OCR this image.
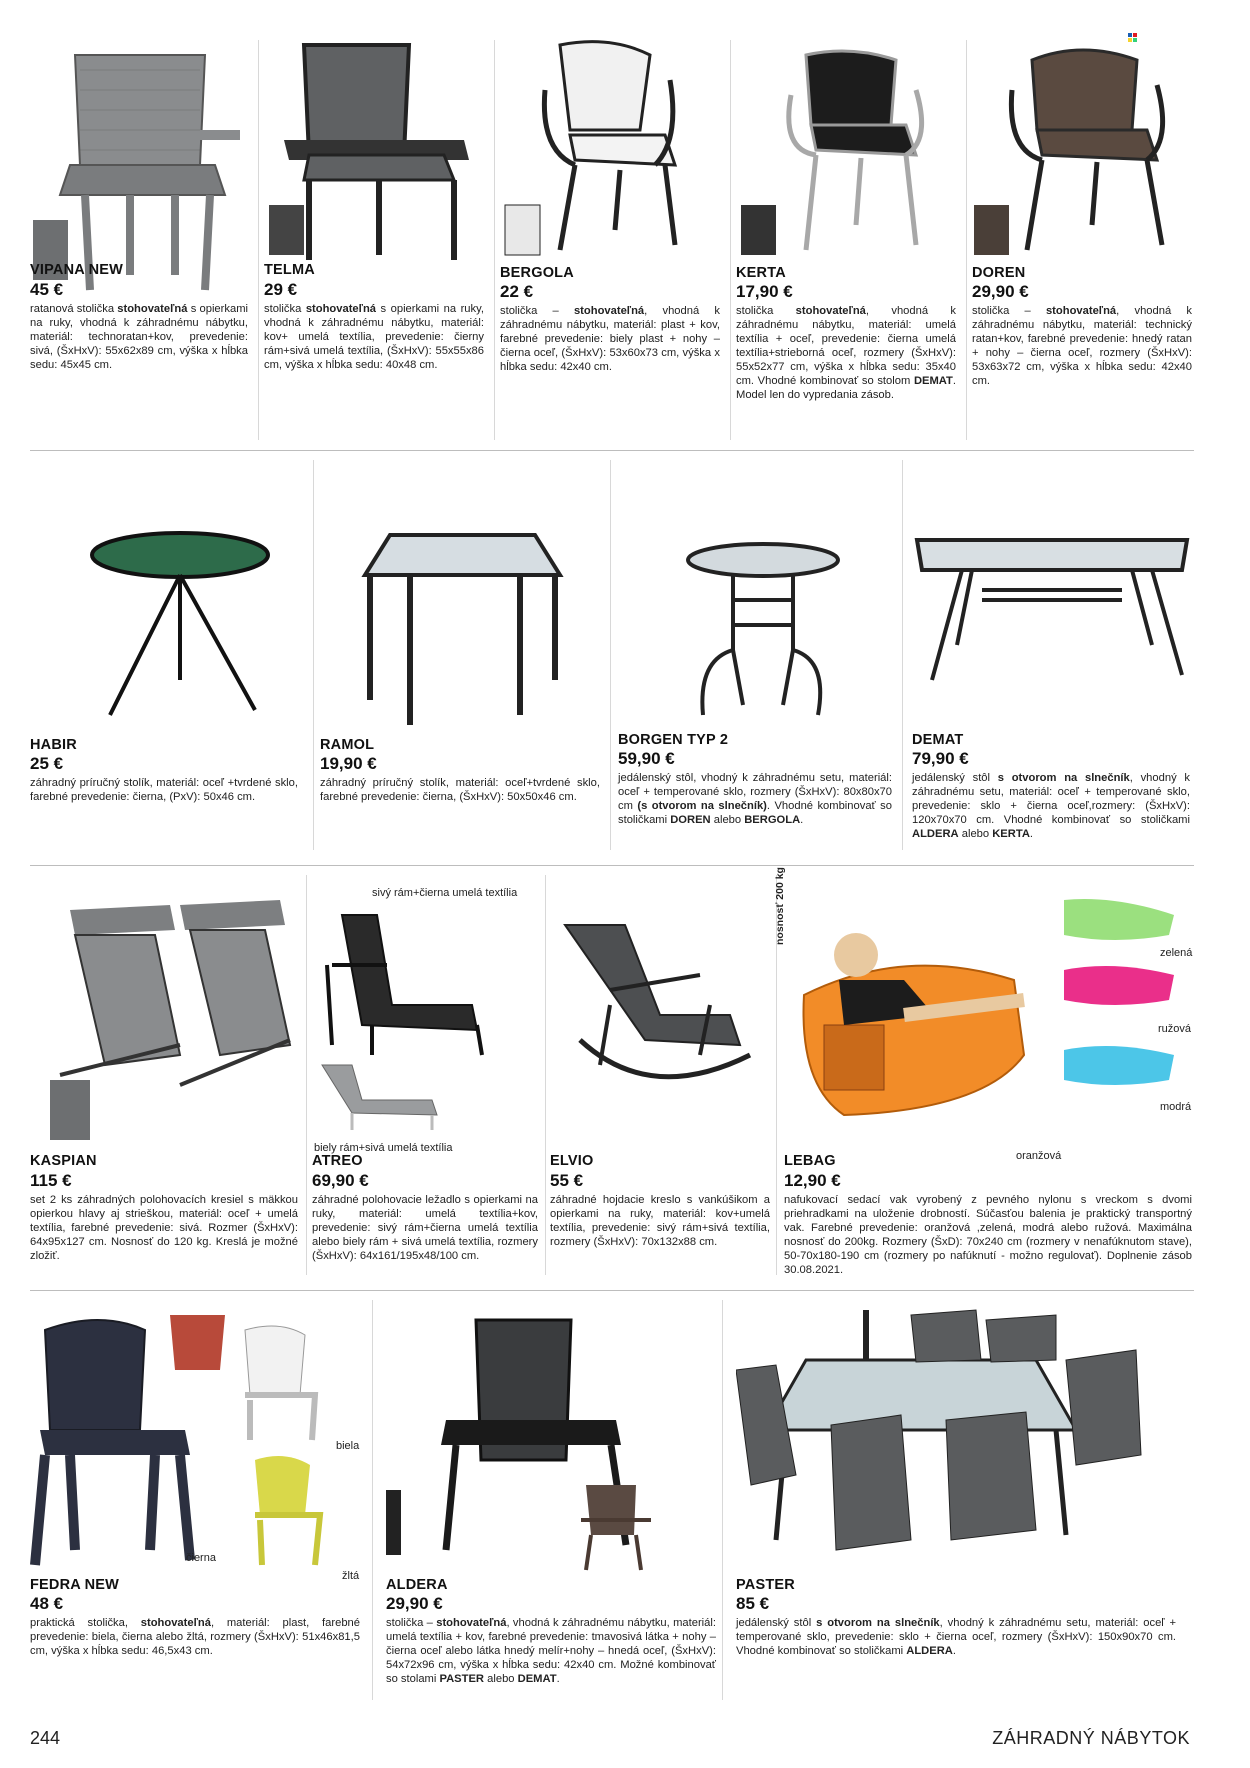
VIPANA NEW
45 €
ratanová stolička stohovateľná s opierkami na ruky, vhodná k záhradnému nábytku, materiál: technoratan+kov, prevedenie: sivá, (ŠxHxV): 55x62x89 cm, výška x hĺbka sedu: 45x45 cm.
TELMA
29 €
stolička stohovateľná s opierkami na ruky, vhodná k záhradnému nábytku, materiál: kov+ umelá textília, prevedenie: čierny rám+sivá umelá textília, (ŠxHxV): 55x55x86 cm, výška x hĺbka sedu: 40x48 cm.
BERGOLA
22 €
stolička – stohovateľná, vhodná k záhradnému nábytku, materiál: plast + kov, farebné prevedenie: biely plast + nohy – čierna oceľ, (ŠxHxV): 53x60x73 cm, výška x hĺbka sedu: 42x40 cm.
KERTA
17,90 €
stolička stohovateľná, vhodná k záhradnému nábytku, materiál: umelá textília + oceľ, prevedenie: čierna umelá textília+strieborná oceľ, rozmery (ŠxHxV): 55x52x77 cm, výška x hĺbka sedu: 35x40 cm. Vhodné kombinovať so stolom DEMAT. Model len do vypredania zásob.
DOREN
29,90 €
stolička – stohovateľná, vhodná k záhradnému nábytku, materiál: technický ratan+kov, farebné prevedenie: hnedý ratan + nohy – čierna oceľ, rozmery (ŠxHxV): 53x63x72 cm, výška x hĺbka sedu: 42x40 cm.
HABIR
25 €
záhradný príručný stolík, materiál: oceľ +tvrdené sklo, farebné prevedenie: čierna, (PxV): 50x46 cm.
RAMOL
19,90 €
záhradný príručný stolík, materiál: oceľ+tvrdené sklo, farebné prevedenie: čierna, (ŠxHxV): 50x50x46 cm.
BORGEN TYP 2
59,90 €
jedálenský stôl, vhodný k záhradnému setu, materiál: oceľ + temperované sklo, rozmery (ŠxHxV): 80x80x70 cm (s otvorom na slnečník). Vhodné kombinovať so stoličkami DOREN alebo BERGOLA.
DEMAT
79,90 €
jedálenský stôl s otvorom na slnečník, vhodný k záhradnému setu, materiál: oceľ + temperované sklo, prevedenie: sklo + čierna oceľ,rozmery: (ŠxHxV): 120x70x70 cm. Vhodné kombinovať so stoličkami ALDERA alebo KERTA.
KASPIAN
115 €
set 2 ks záhradných polohovacích kresiel s mäkkou opierkou hlavy aj strieškou, materiál: oceľ + umelá textília, farebné prevedenie: sivá. Rozmer (ŠxHxV): 64x95x127 cm. Nosnosť do 120 kg. Kreslá je možné zložiť.
sivý rám+čierna umelá textília
biely rám+sivá umelá textília
ATREO
69,90 €
záhradné polohovacie ležadlo s opierkami na ruky, materiál: umelá textília+kov, prevedenie: sivý rám+čierna umelá textília alebo biely rám + sivá umelá textília, rozmery (ŠxHxV): 64x161/195x48/100 cm.
ELVIO
55 €
záhradné hojdacie kreslo s vankúšikom a opierkami na ruky, materiál: kov+umelá textília, prevedenie: sivý rám+sivá textília, rozmery (ŠxHxV): 70x132x88 cm.
nosnosť 200 kg
zelená
ružová
modrá
oranžová
LEBAG
12,90 €
nafukovací sedací vak vyrobený z pevného nylonu s vreckom s dvomi priehradkami na uloženie drobností. Súčasťou balenia je praktický transportný vak. Farebné prevedenie: oranžová ,zelená, modrá alebo ružová. Maximálna nosnosť do 200kg. Rozmery (ŠxD): 70x240 cm (rozmery v nenafúknutom stave), 50-70x180-190 cm (rozmery po nafúknutí - možno regulovať). Doplnenie zásob 30.08.2021.
biela
čierna
žltá
FEDRA NEW
48 €
praktická stolička, stohovateľná, materiál: plast, farebné prevedenie: biela, čierna alebo žltá, rozmery (ŠxHxV): 51x46x81,5 cm, výška x hĺbka sedu: 46,5x43 cm.
ALDERA
29,90 €
stolička – stohovateľná, vhodná k záhradnému nábytku, materiál: umelá textília + kov, farebné prevedenie: tmavosivá látka + nohy – čierna oceľ alebo látka hnedý melír+nohy – hnedá oceľ, (ŠxHxV): 54x72x96 cm, výška x hĺbka sedu: 42x40 cm. Možné kombinovať so stolami PASTER alebo DEMAT.
PASTER
85 €
jedálenský stôl s otvorom na slnečník, vhodný k záhradnému setu, materiál: oceľ + temperované sklo, prevedenie: sklo + čierna oceľ, rozmery (ŠxHxV): 150x90x70 cm. Vhodné kombinovať so stoličkami ALDERA.
244	ZÁHRADNÝ NÁBYTOK
